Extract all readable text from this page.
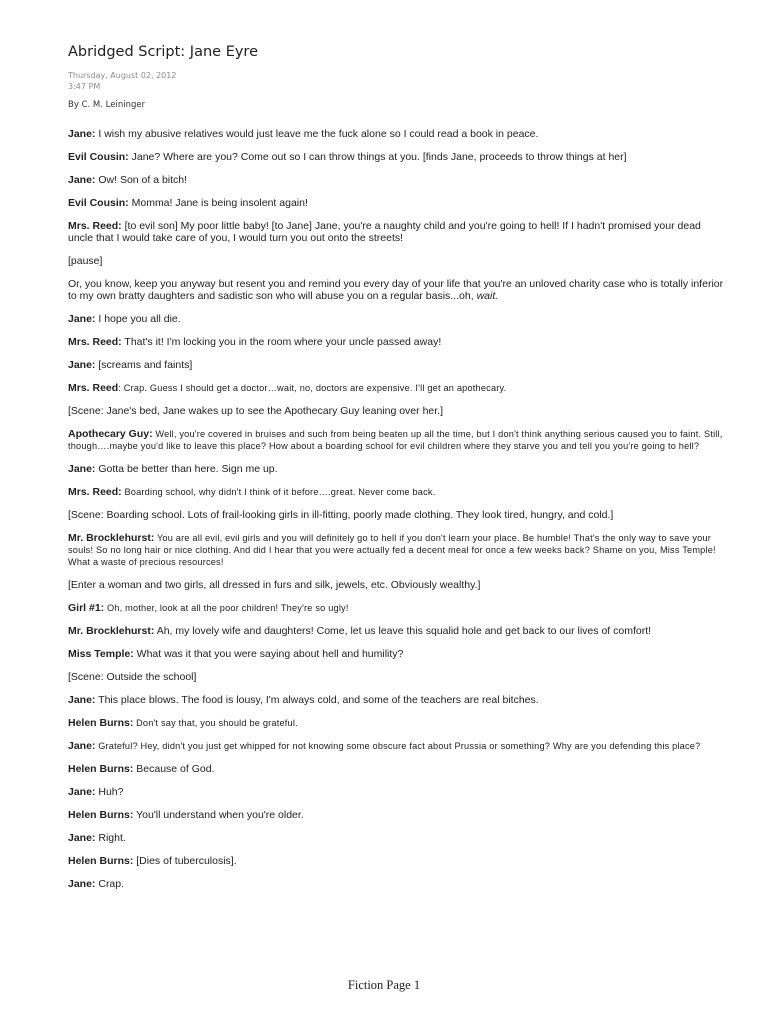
Abridged Script: Jane Eyre
Thursday, August 02, 2012
3:47 PM
By C. M. Leininger

Jane: I wish my abusive relatives would just leave me the fuck alone so I could read a book in peace.

Evil Cousin: Jane? Where are you? Come out so I can throw things at you. [finds Jane, proceeds to throw things at her]

Jane: Ow! Son of a bitch!

Evil Cousin: Momma! Jane is being insolent again!

Mrs. Reed: [to evil son] My poor little baby! [to Jane] Jane, you're a naughty child and you're going to hell! If I hadn't promised your dead uncle that I would take care of you, I would turn you out onto the streets!

[pause]

Or, you know, keep you anyway but resent you and remind you every day of your life that you're an unloved charity case who is totally inferior to my own bratty daughters and sadistic son who will abuse you on a regular basis...oh, wait.

Jane: I hope you all die.

Mrs. Reed: That's it! I'm locking you in the room where your uncle passed away!

Jane: [screams and faints]

Mrs. Reed: Crap. Guess I should get a doctor…wait, no, doctors are expensive. I'll get an apothecary.

[Scene: Jane's bed, Jane wakes up to see the Apothecary Guy leaning over her.]

Apothecary Guy: Well, you're covered in bruises and such from being beaten up all the time, but I don't think anything serious caused you to faint. Still, though….maybe you'd like to leave this place? How about a boarding school for evil children where they starve you and tell you you're going to hell?

Jane: Gotta be better than here. Sign me up.

Mrs. Reed: Boarding school, why didn't I think of it before….great. Never come back.

[Scene: Boarding school. Lots of frail-looking girls in ill-fitting, poorly made clothing. They look tired, hungry, and cold.]

Mr. Brocklehurst: You are all evil, evil girls and you will definitely go to hell if you don't learn your place. Be humble! That's the only way to save your souls! So no long hair or nice clothing. And did I hear that you were actually fed a decent meal for once a few weeks back? Shame on you, Miss Temple! What a waste of precious resources!

[Enter a woman and two girls, all dressed in furs and silk, jewels, etc. Obviously wealthy.]

Girl #1: Oh, mother, look at all the poor children! They're so ugly!

Mr. Brocklehurst: Ah, my lovely wife and daughters! Come, let us leave this squalid hole and get back to our lives of comfort!

Miss Temple: What was it that you were saying about hell and humility?

[Scene: Outside the school]

Jane: This place blows. The food is lousy, I'm always cold, and some of the teachers are real bitches.

Helen Burns: Don't say that, you should be grateful.

Jane: Grateful? Hey, didn't you just get whipped for not knowing some obscure fact about Prussia or something? Why are you defending this place?

Helen Burns: Because of God.

Jane: Huh?

Helen Burns: You'll understand when you're older.

Jane: Right.

Helen Burns: [Dies of tuberculosis].

Jane: Crap.

Fiction Page 1
